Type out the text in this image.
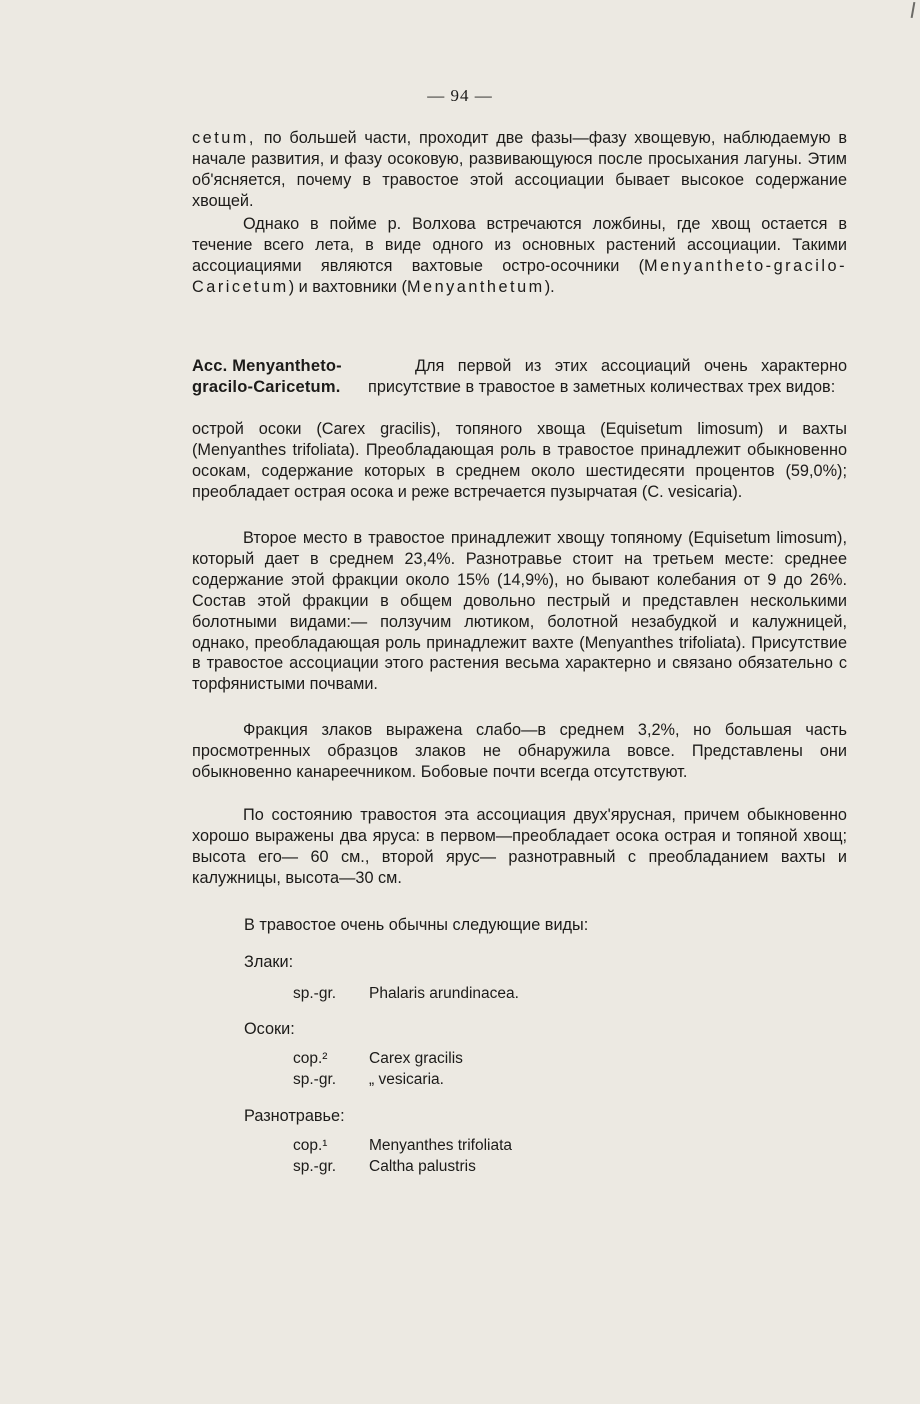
— 94 —

cetum, по большей части, проходит две фазы—фазу хвощевую, наблюдаемую в начале развития, и фазу осоковую, развивающуюся после просыхания лагуны. Этим об'ясняется, почему в травостое этой ассоциации бывает высокое содержание хвощей.

Однако в пойме р. Волхова встречаются ложбины, где хвощ остается в течение всего лета, в виде одного из основных растений ассоциации. Такими ассоциациями являются вахтовые остро-осочники (Menyantheto-gracilo-Caricetum) и вахтовники (Menyanthetum).

Асс. Menyantheto-
gracilo-Caricetum.

Для первой из этих ассоциаций очень характерно присутствие в травостое в заметных количествах трех видов:

острой осоки (Carex gracilis), топяного хвоща (Equisetum limosum) и вахты (Menyanthes trifoliata). Преобладающая роль в травостое принадлежит обыкновенно осокам, содержание которых в среднем около шестидесяти процентов (59,0%); преобладает острая осока и реже встречается пузырчатая (C. vesicaria).

Второе место в травостое принадлежит хвощу топяному (Equisetum limosum), который дает в среднем 23,4%. Разнотравье стоит на третьем месте: среднее содержание этой фракции около 15% (14,9%), но бывают колебания от 9 до 26%. Состав этой фракции в общем довольно пестрый и представлен несколькими болотными видами:— ползучим лютиком, болотной незабудкой и калужницей, однако, преобладающая роль принадлежит вахте (Menyanthes trifoliata). Присутствие в травостое ассоциации этого растения весьма характерно и связано обязательно с торфянистыми почвами.

Фракция злаков выражена слабо—в среднем 3,2%, но большая часть просмотренных образцов злаков не обнаружила вовсе. Представлены они обыкновенно канареечником. Бобовые почти всегда отсутствуют.

По состоянию травостоя эта ассоциация двух'ярусная, причем обыкновенно хорошо выражены два яруса: в первом—преобладает осока острая и топяной хвощ; высота его— 60 см., второй ярус— разнотравный с преобладанием вахты и калужницы, высота—30 см.

В травостое очень обычны следующие виды:
Злаки:
sp.-gr. Phalaris arundinacea.
Осоки:
cop.²	Carex gracilis
sp.-gr. „ vesicaria.
Разнотравье:
cop.¹	Menyanthes trifoliata
sp.-gr. Caltha palustris
